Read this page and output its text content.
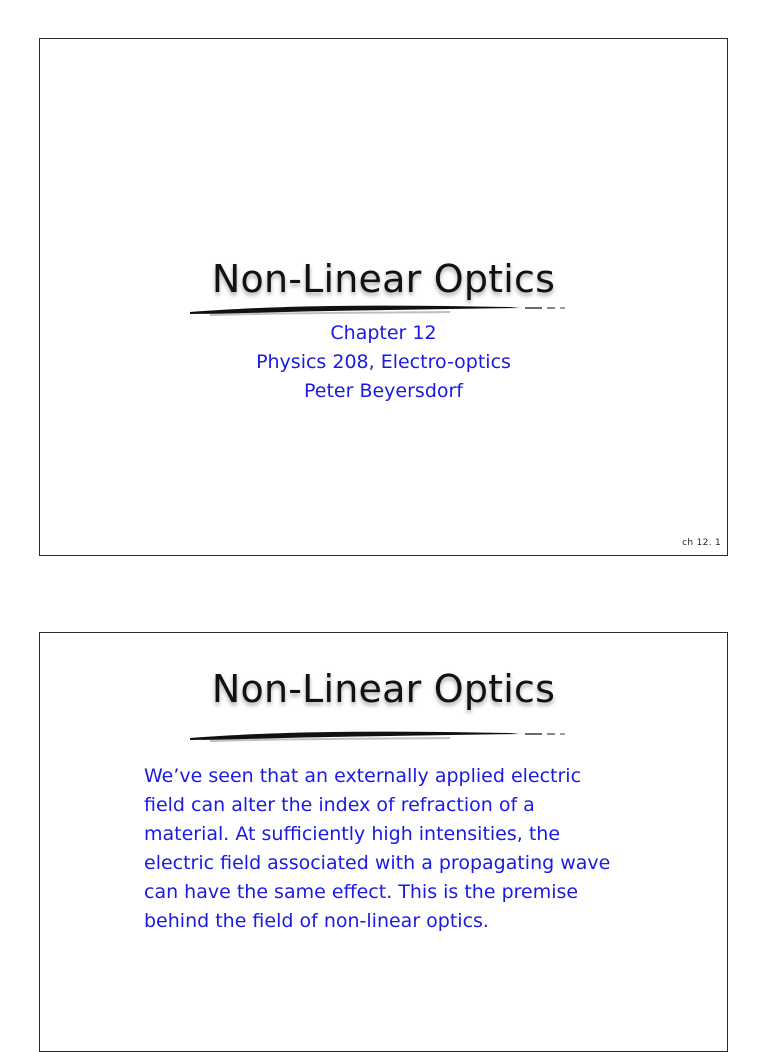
Non-Linear Optics
Chapter 12
Physics 208, Electro-optics
Peter Beyersdorf
ch 12. 1
Non-Linear Optics
We’ve seen that an externally applied electric
field can alter the index of refraction of a
material. At sufficiently high intensities, the
electric field associated with a propagating wave
can have the same effect. This is the premise
behind the field of non-linear optics.
